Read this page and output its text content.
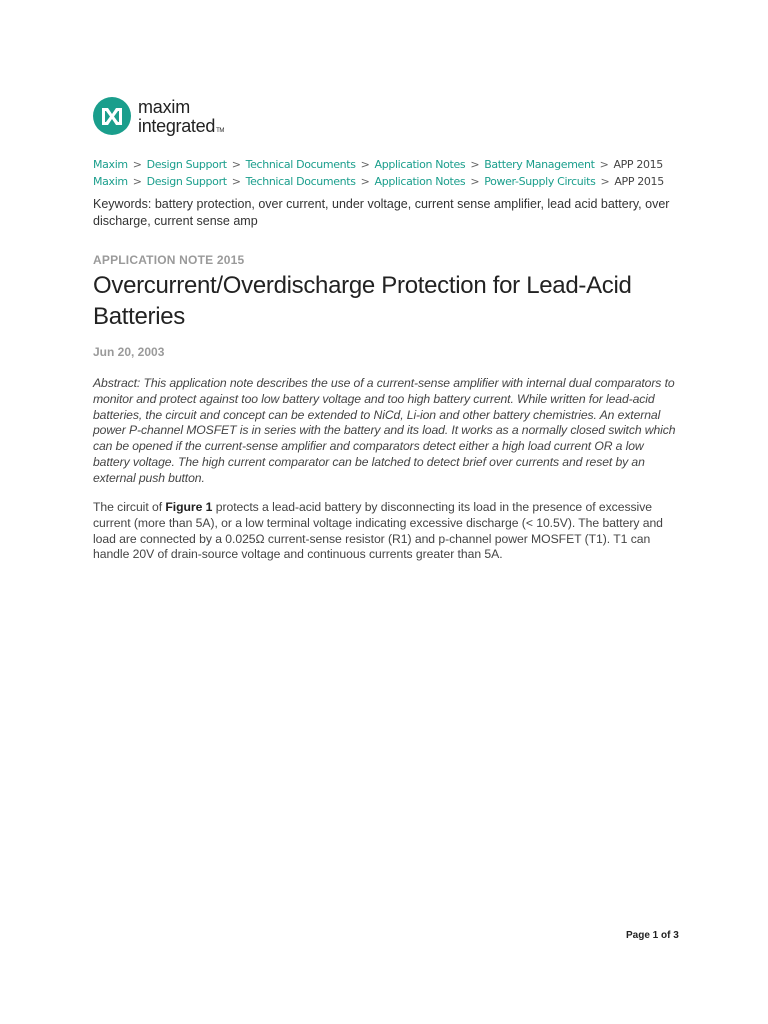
maxim
integratedTM
Maxim > Design Support > Technical Documents > Application Notes > Battery Management > APP 2015
Maxim > Design Support > Technical Documents > Application Notes > Power-Supply Circuits > APP 2015
Keywords: battery protection, over current, under voltage, current sense amplifier, lead acid battery, over discharge, current sense amp
APPLICATION NOTE 2015
Overcurrent/Overdischarge Protection for Lead-Acid Batteries
Jun 20, 2003
Abstract: This application note describes the use of a current-sense amplifier with internal dual comparators to monitor and protect against too low battery voltage and too high battery current. While written for lead-acid batteries, the circuit and concept can be extended to NiCd, Li-ion and other battery chemistries. An external power P-channel MOSFET is in series with the battery and its load. It works as a normally closed switch which can be opened if the current-sense amplifier and comparators detect either a high load current OR a low battery voltage. The high current comparator can be latched to detect brief over currents and reset by an external push button.
The circuit of Figure 1 protects a lead-acid battery by disconnecting its load in the presence of excessive current (more than 5A), or a low terminal voltage indicating excessive discharge (< 10.5V). The battery and load are connected by a 0.025Ω current-sense resistor (R1) and p-channel power MOSFET (T1). T1 can handle 20V of drain-source voltage and continuous currents greater than 5A.
Page 1 of 3
